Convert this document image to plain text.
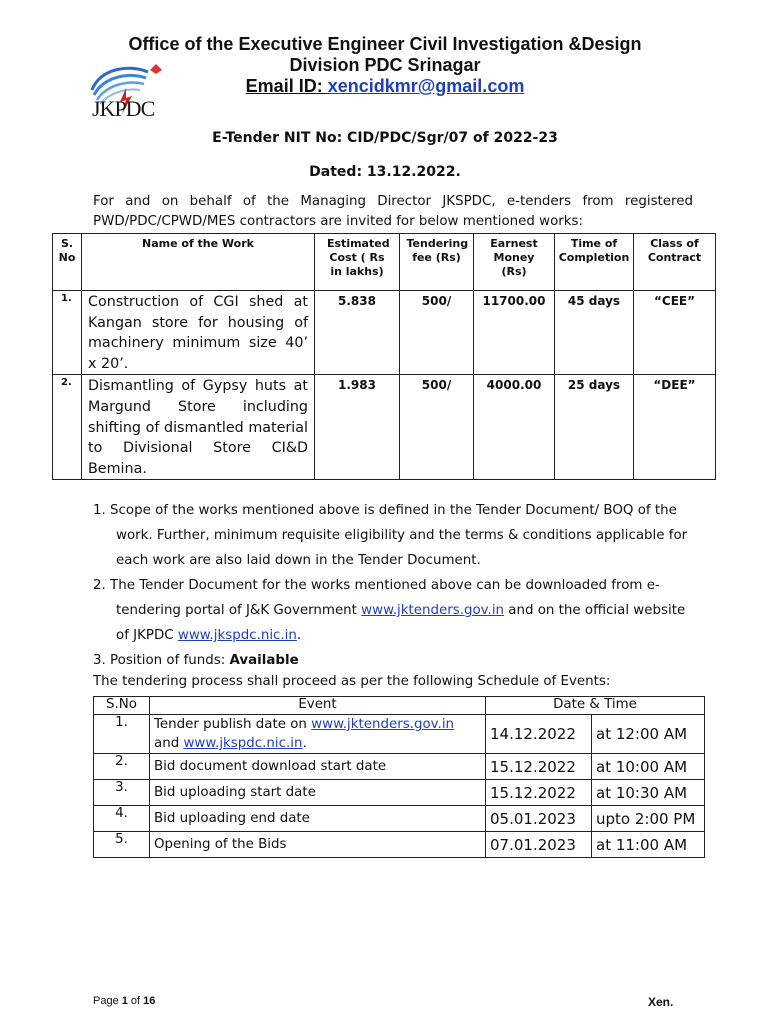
Office of the Executive Engineer Civil Investigation &Design
Division PDC Srinagar
Email ID: xencidkmr@gmail.com
JKPDC
E-Tender NIT No: CID/PDC/Sgr/07 of 2022-23
Dated: 13.12.2022.
For and on behalf of the Managing Director JKSPDC, e-tenders from registered PWD/PDC/CPWD/MES contractors are invited for below mentioned works:
S. No	Name of the Work	Estimated Cost ( Rs in lakhs)	Tendering fee (Rs)	Earnest Money (Rs)	Time of Completion	Class of Contract

1.	Construction of CGI shed at Kangan store for housing of machinery minimum size 40’ x 20’.	5.838	500/	11700.00	45 days	“CEE”
2.	Dismantling of Gypsy huts at Margund Store including shifting of dismantled material to Divisional Store CI&D Bemina.	1.983	500/	4000.00	25 days	“DEE”
1. Scope of the works mentioned above is defined in the Tender Document/ BOQ of the work. Further, minimum requisite eligibility and the terms & conditions applicable for each work are also laid down in the Tender Document.
2. The Tender Document for the works mentioned above can be downloaded from e-tendering portal of J&K Government www.jktenders.gov.in and on the official website of JKPDC www.jkspdc.nic.in.
3. Position of funds: Available
The tendering process shall proceed as per the following Schedule of Events:
S.No	Event	Date & Time	
1.	Tender publish date on www.jktenders.gov.in
and www.jkspdc.nic.in.	14.12.2022	at 12:00 AM
2.	Bid document download start date	15.12.2022	at 10:00 AM
3.	Bid uploading start date	15.12.2022	at 10:30 AM
4.	Bid uploading end date	05.01.2023	upto 2:00 PM
5.	Opening of the Bids	07.01.2023	at 11:00 AM
Page 1 of 16	Xen.
